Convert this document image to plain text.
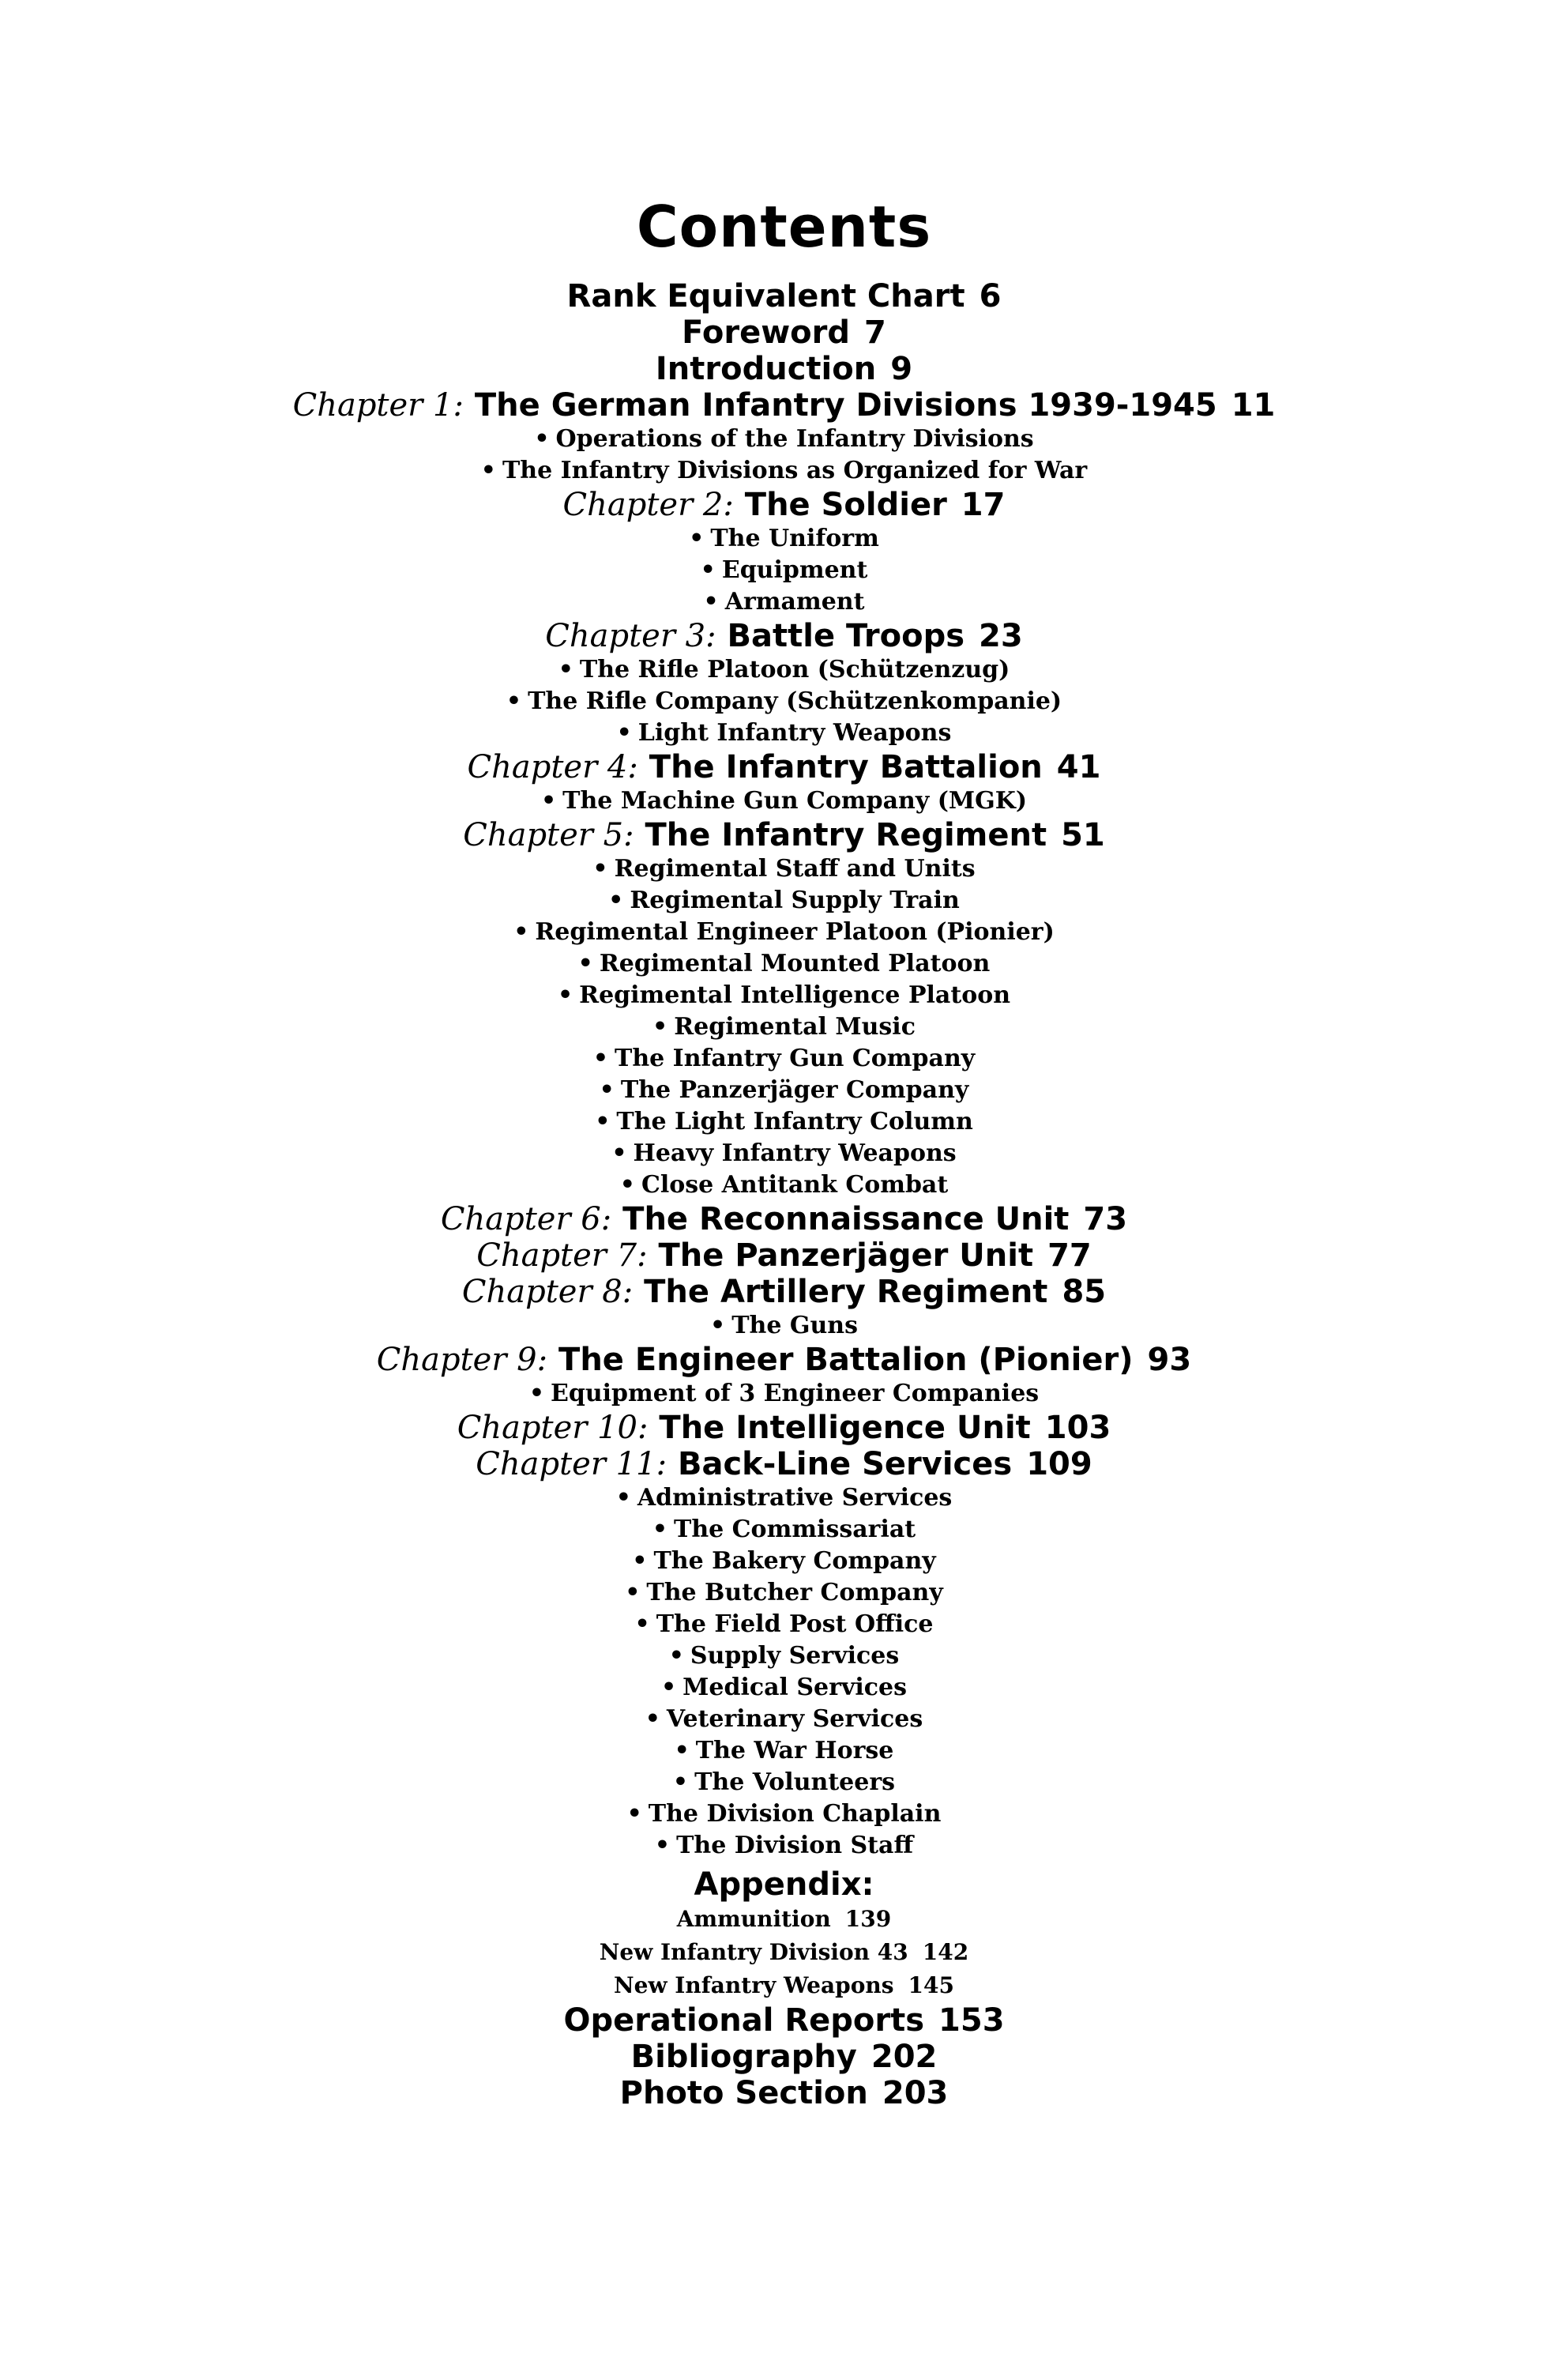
Contents
Rank Equivalent Chart 6
Foreword 7
Introduction 9
Chapter 1: The German Infantry Divisions 1939-1945 11
• Operations of the Infantry Divisions
• The Infantry Divisions as Organized for War
Chapter 2: The Soldier 17
• The Uniform
• Equipment
• Armament
Chapter 3: Battle Troops 23
• The Rifle Platoon (Schützenzug)
• The Rifle Company (Schützenkompanie)
• Light Infantry Weapons
Chapter 4: The Infantry Battalion 41
• The Machine Gun Company (MGK)
Chapter 5: The Infantry Regiment 51
• Regimental Staff and Units
• Regimental Supply Train
• Regimental Engineer Platoon (Pionier)
• Regimental Mounted Platoon
• Regimental Intelligence Platoon
• Regimental Music
• The Infantry Gun Company
• The Panzerjäger Company
• The Light Infantry Column
• Heavy Infantry Weapons
• Close Antitank Combat
Chapter 6: The Reconnaissance Unit 73
Chapter 7: The Panzerjäger Unit 77
Chapter 8: The Artillery Regiment 85
• The Guns
Chapter 9: The Engineer Battalion (Pionier) 93
• Equipment of 3 Engineer Companies
Chapter 10: The Intelligence Unit 103
Chapter 11: Back-Line Services 109
• Administrative Services
• The Commissariat
• The Bakery Company
• The Butcher Company
• The Field Post Office
• Supply Services
• Medical Services
• Veterinary Services
• The War Horse
• The Volunteers
• The Division Chaplain
• The Division Staff
Appendix:
Ammunition 139
New Infantry Division 43 142
New Infantry Weapons 145
Operational Reports 153
Bibliography 202
Photo Section 203
